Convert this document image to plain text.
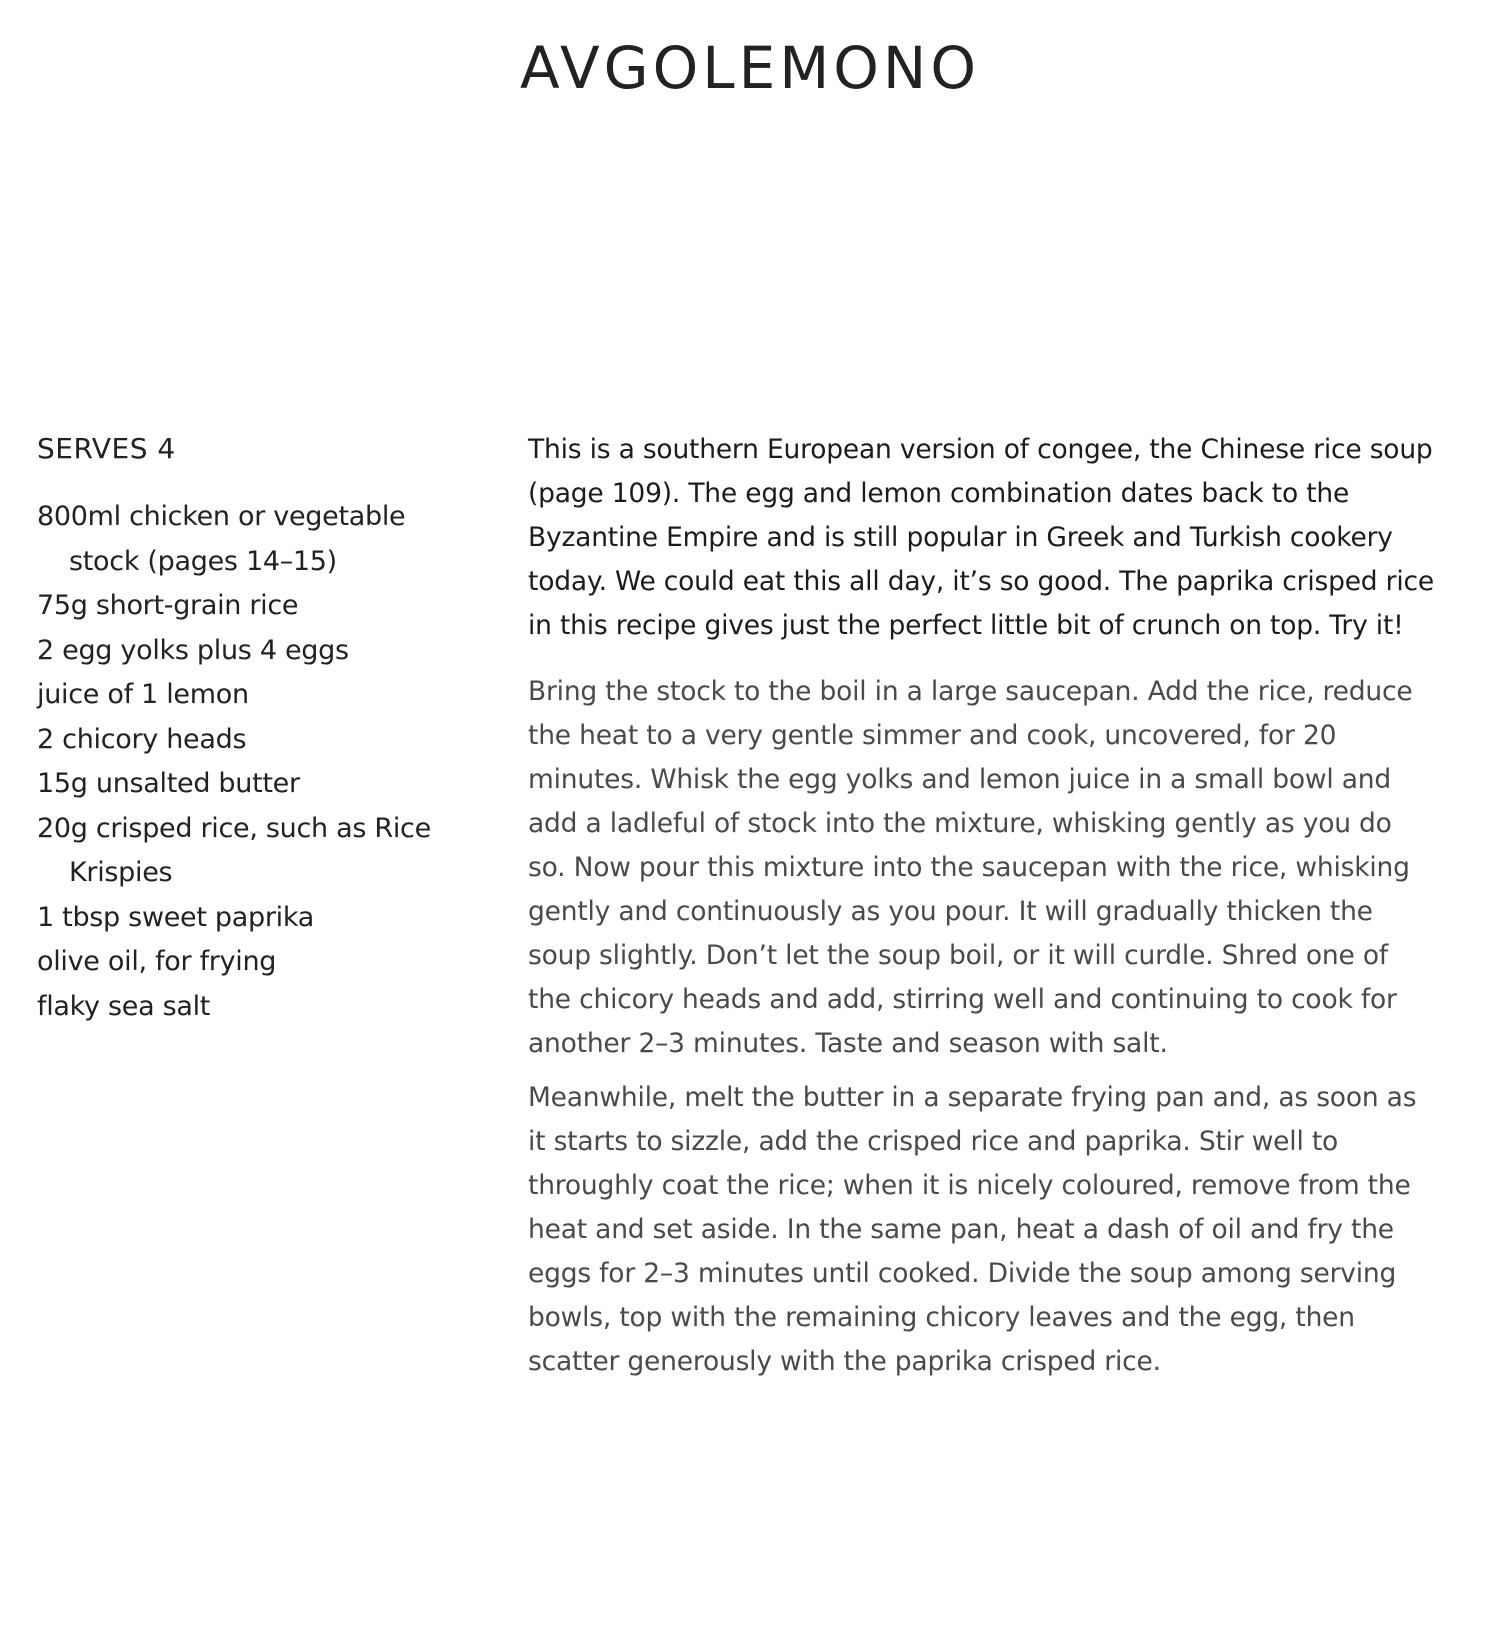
AVGOLEMONO
SERVES 4
800ml chicken or vegetable stock (pages 14–15)
75g short-grain rice
2 egg yolks plus 4 eggs
juice of 1 lemon
2 chicory heads
15g unsalted butter
20g crisped rice, such as Rice Krispies
1 tbsp sweet paprika
olive oil, for frying
flaky sea salt

This is a southern European version of congee, the Chinese rice soup (page 109). The egg and lemon combination dates back to the Byzantine Empire and is still popular in Greek and Turkish cookery today. We could eat this all day, it’s so good. The paprika crisped rice in this recipe gives just the perfect little bit of crunch on top. Try it!

Bring the stock to the boil in a large saucepan. Add the rice, reduce the heat to a very gentle simmer and cook, uncovered, for 20 minutes. Whisk the egg yolks and lemon juice in a small bowl and add a ladleful of stock into the mixture, whisking gently as you do so. Now pour this mixture into the saucepan with the rice, whisking gently and continuously as you pour. It will gradually thicken the soup slightly. Don’t let the soup boil, or it will curdle. Shred one of the chicory heads and add, stirring well and continuing to cook for another 2–3 minutes. Taste and season with salt.

Meanwhile, melt the butter in a separate frying pan and, as soon as it starts to sizzle, add the crisped rice and paprika. Stir well to throughly coat the rice; when it is nicely coloured, remove from the heat and set aside. In the same pan, heat a dash of oil and fry the eggs for 2–3 minutes until cooked. Divide the soup among serving bowls, top with the remaining chicory leaves and the egg, then scatter generously with the paprika crisped rice.
